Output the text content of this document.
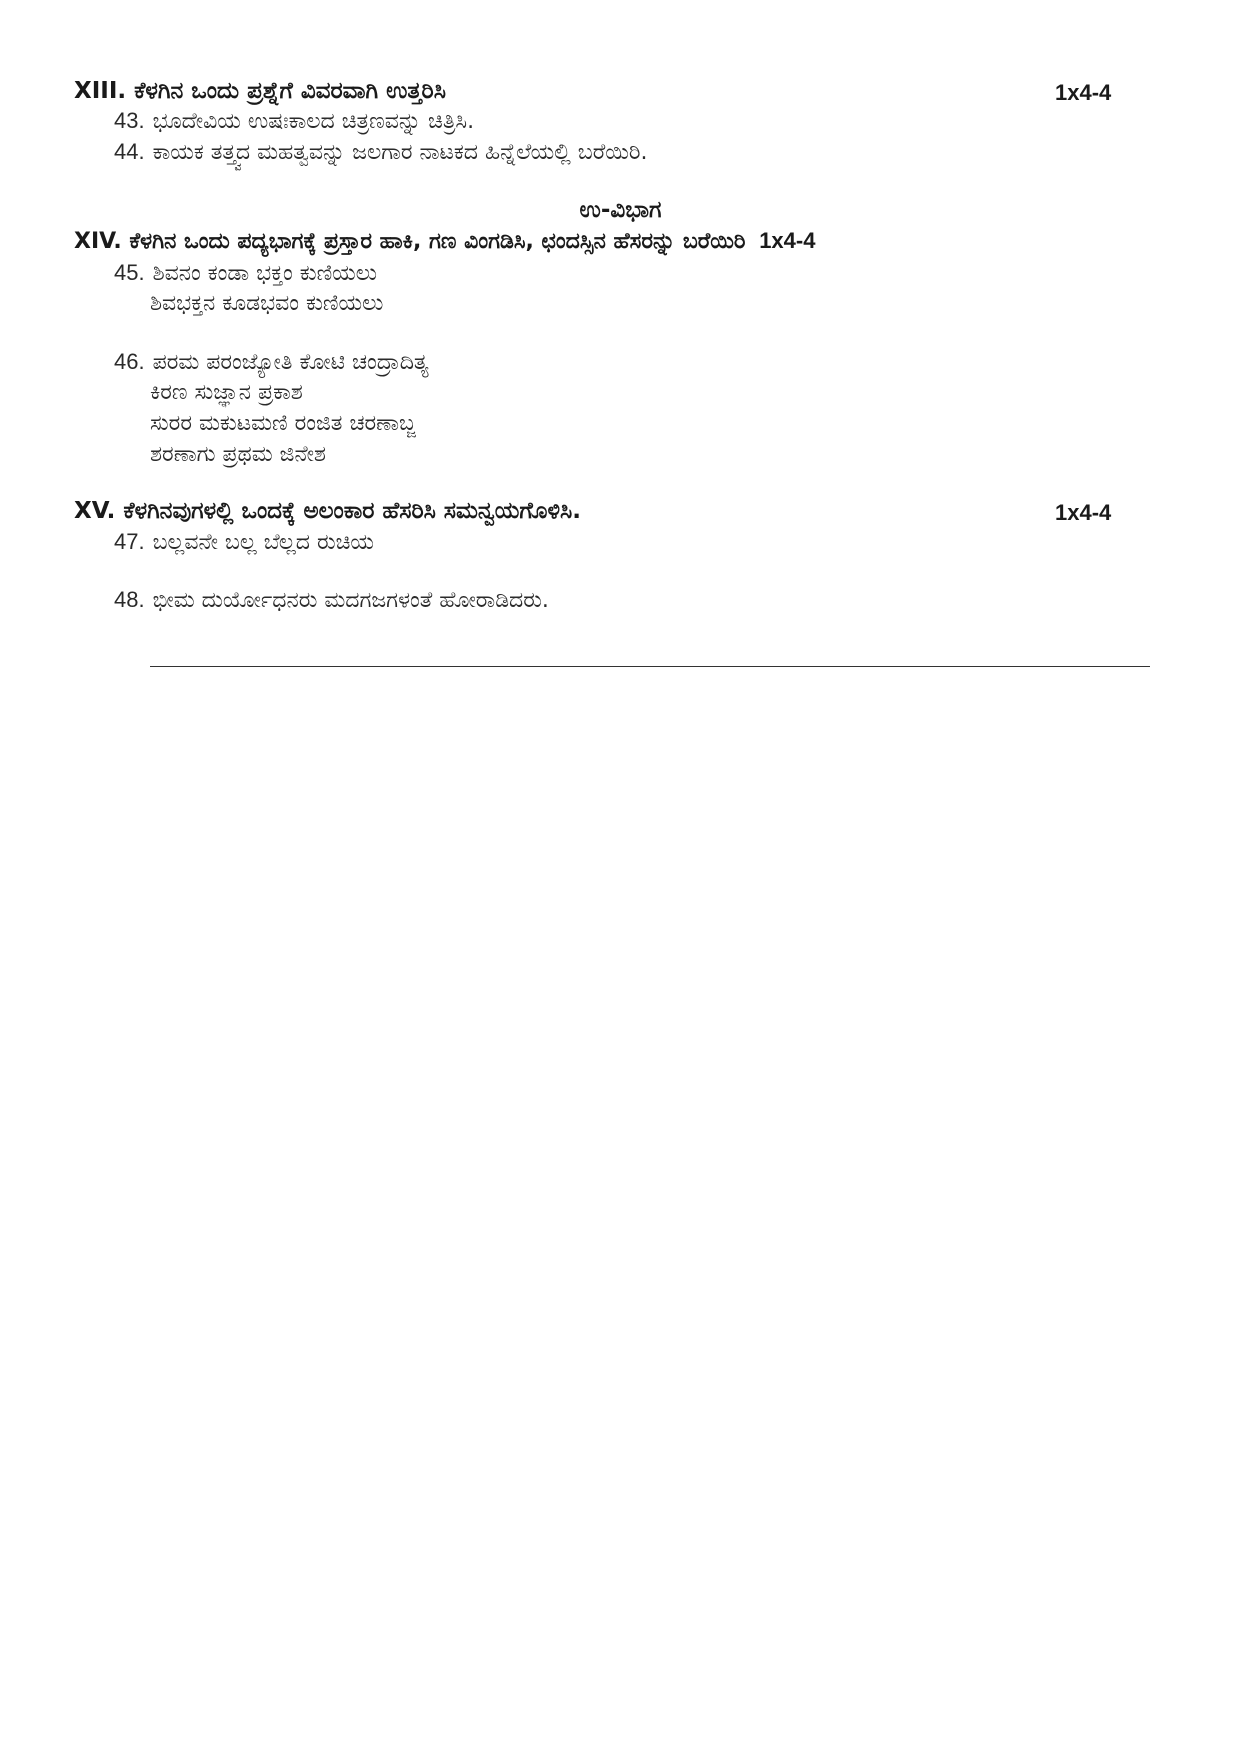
XIII. ಕೆಳಗಿನ ಒಂದು ಪ್ರಶ್ನೆಗೆ ವಿವರವಾಗಿ ಉತ್ತರಿಸಿ	1x4-4
43. ಭೂದೇವಿಯ ಉಷಃಕಾಲದ ಚಿತ್ರಣವನ್ನು ಚಿತ್ರಿಸಿ.
44. ಕಾಯಕ ತತ್ತ್ವದ ಮಹತ್ವವನ್ನು ಜಲಗಾರ ನಾಟಕದ ಹಿನ್ನೆಲೆಯಲ್ಲಿ ಬರೆಯಿರಿ.
ಉ-ವಿಭಾಗ
XIV. ಕೆಳಗಿನ ಒಂದು ಪದ್ಯಭಾಗಕ್ಕೆ ಪ್ರಸ್ತಾರ ಹಾಕಿ, ಗಣ ವಿಂಗಡಿಸಿ, ಛಂದಸ್ಸಿನ ಹೆಸರನ್ನು ಬರೆಯಿರಿ 1x4-4
45. ಶಿವನಂ ಕಂಡಾ ಭಕ್ತಂ ಕುಣಿಯಲು
ಶಿವಭಕ್ತನ ಕೂಡಭವಂ ಕುಣಿಯಲು
46. ಪರಮ ಪರಂಜ್ಯೋತಿ ಕೋಟಿ ಚಂದ್ರಾದಿತ್ಯ
ಕಿರಣ ಸುಜ್ಞಾನ ಪ್ರಕಾಶ
ಸುರರ ಮಕುಟಮಣಿ ರಂಜಿತ ಚರಣಾಬ್ಜ
ಶರಣಾಗು ಪ್ರಥಮ ಜಿನೇಶ
XV. ಕೆಳಗಿನವುಗಳಲ್ಲಿ ಒಂದಕ್ಕೆ ಅಲಂಕಾರ ಹೆಸರಿಸಿ ಸಮನ್ವಯಗೊಳಿಸಿ.	1x4-4
47. ಬಲ್ಲವನೇ ಬಲ್ಲ ಬೆಲ್ಲದ ರುಚಿಯ
48. ಭೀಮ ದುರ್ಯೋಧನರು ಮದಗಜಗಳಂತೆ ಹೋರಾಡಿದರು.
